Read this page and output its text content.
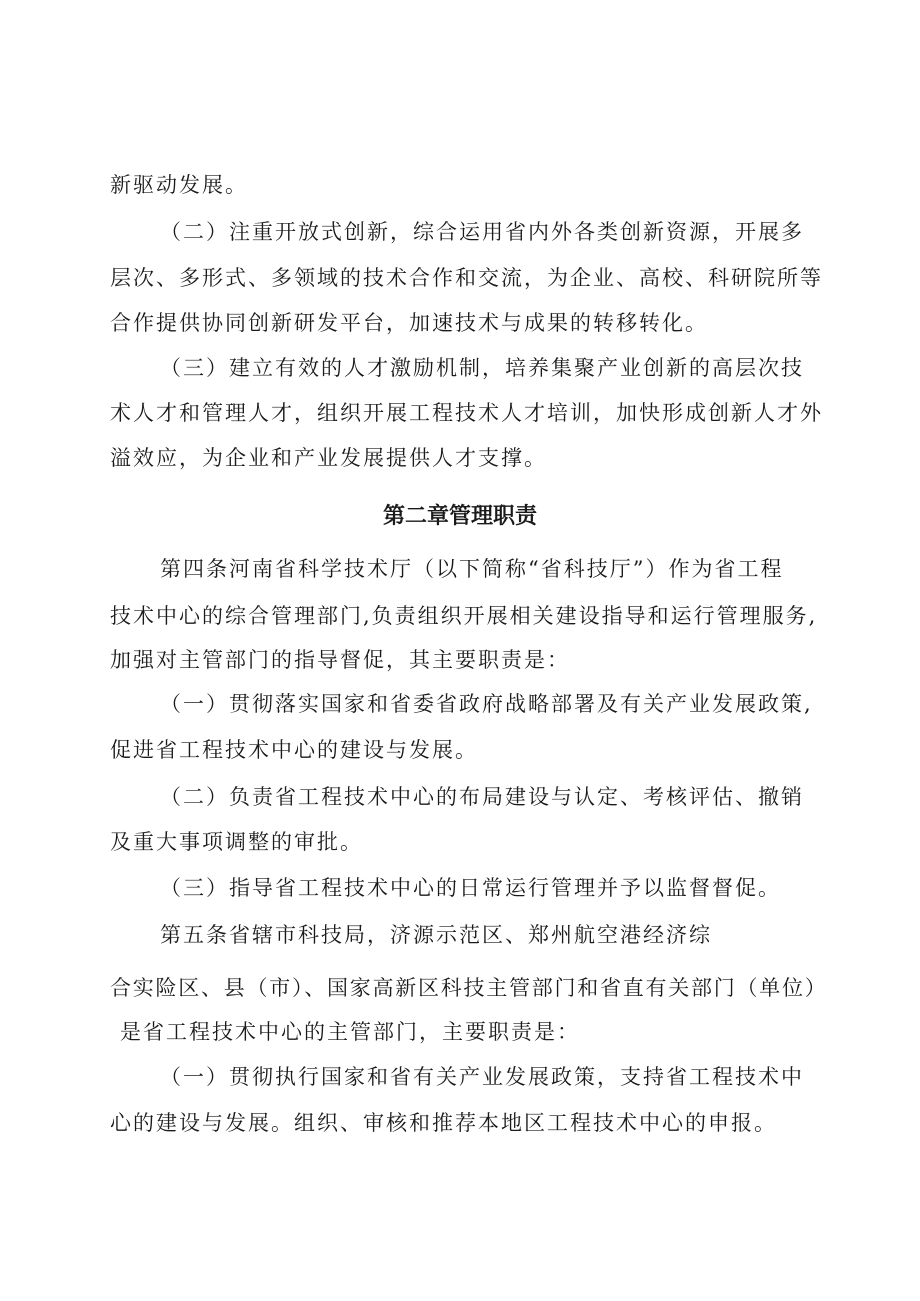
新驱动发展。
（二）注重开放式创新，综合运用省内外各类创新资源，开展多
层次、多形式、多领域的技术合作和交流，为企业、高校、科研院所等
合作提供协同创新研发平台，加速技术与成果的转移转化。
（三）建立有效的人才激励机制，培养集聚产业创新的高层次技
术人才和管理人才，组织开展工程技术人才培训，加快形成创新人才外
溢效应，为企业和产业发展提供人才支撑。
第二章管理职责
第四条河南省科学技术厅（以下简称“省科技厅”）作为省工程
技术中心的综合管理部门,负责组织开展相关建设指导和运行管理服务,
加强对主管部门的指导督促，其主要职责是：
（一）贯彻落实国家和省委省政府战略部署及有关产业发展政策,
促进省工程技术中心的建设与发展。
（二）负责省工程技术中心的布局建设与认定、考核评估、撤销
及重大事项调整的审批。
（三）指导省工程技术中心的日常运行管理并予以监督督促。
第五条省辖市科技局，济源示范区、郑州航空港经济综
合实险区、县（市）、国家高新区科技主管部门和省直有关部门（单位）
是省工程技术中心的主管部门，主要职责是：
（一）贯彻执行国家和省有关产业发展政策，支持省工程技术中
心的建设与发展。组织、审核和推荐本地区工程技术中心的申报。
